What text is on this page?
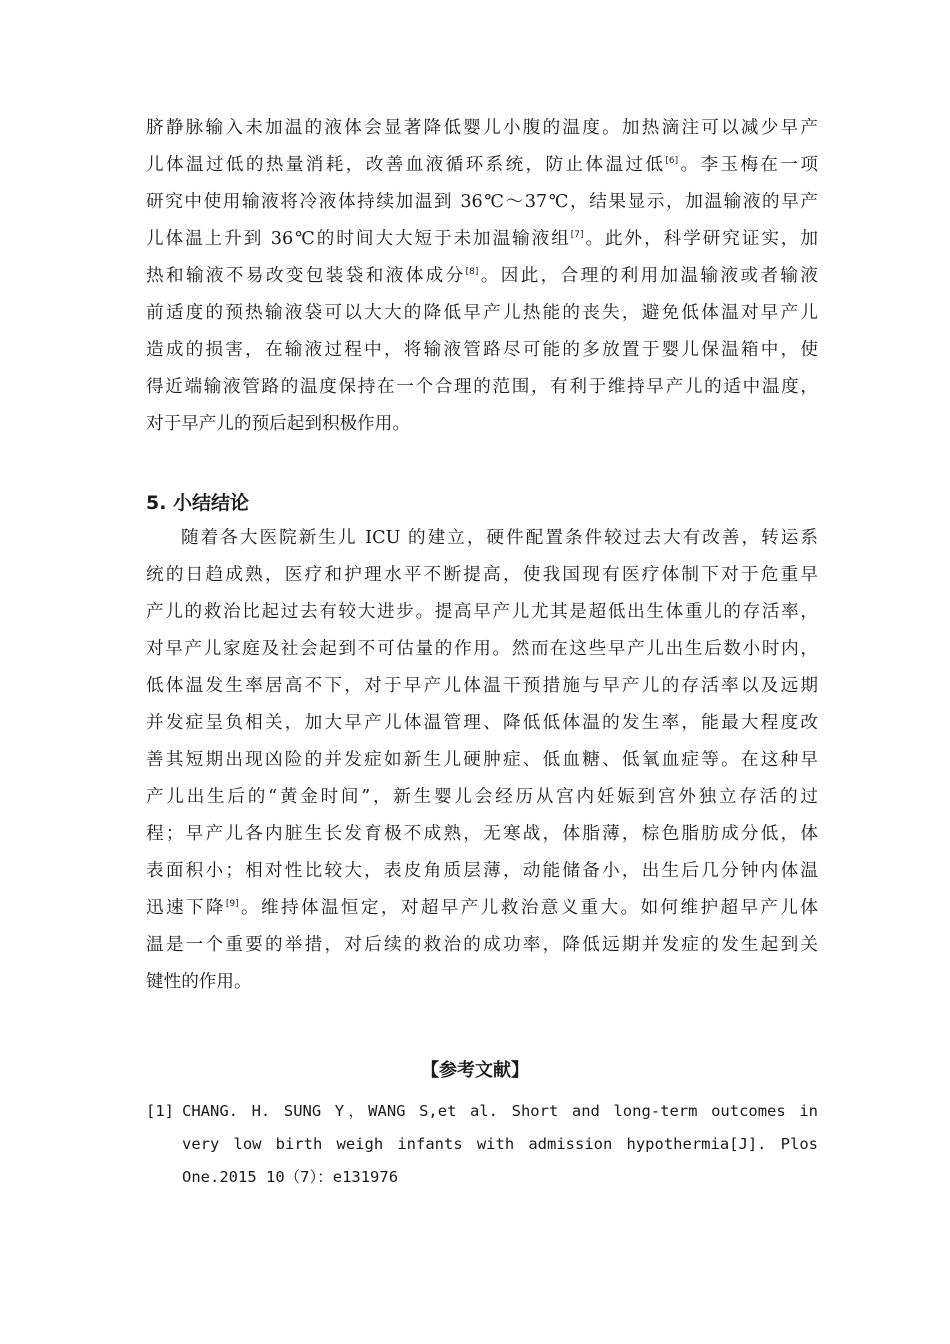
脐静脉输入未加温的液体会显著降低婴儿小腹的温度。加热滴注可以减少早产
儿体温过低的热量消耗，改善血液循环系统，防止体温过低[6]。李玉梅在一项
研究中使用输液将冷液体持续加温到 36℃～37℃，结果显示，加温输液的早产
儿体温上升到 36℃的时间大大短于未加温输液组[7]。此外，科学研究证实，加
热和输液不易改变包装袋和液体成分[8]。因此，合理的利用加温输液或者输液
前适度的预热输液袋可以大大的降低早产儿热能的丧失，避免低体温对早产儿
造成的损害，在输液过程中，将输液管路尽可能的多放置于婴儿保温箱中，使
得近端输液管路的温度保持在一个合理的范围，有利于维持早产儿的适中温度，
对于早产儿的预后起到积极作用。
5. 小结结论
随着各大医院新生儿 ICU 的建立，硬件配置条件较过去大有改善，转运系
统的日趋成熟，医疗和护理水平不断提高，使我国现有医疗体制下对于危重早
产儿的救治比起过去有较大进步。提高早产儿尤其是超低出生体重儿的存活率，
对早产儿家庭及社会起到不可估量的作用。然而在这些早产儿出生后数小时内，
低体温发生率居高不下，对于早产儿体温干预措施与早产儿的存活率以及远期
并发症呈负相关，加大早产儿体温管理、降低低体温的发生率，能最大程度改
善其短期出现凶险的并发症如新生儿硬肿症、低血糖、低氧血症等。在这种早
产儿出生后的“黄金时间”，新生婴儿会经历从宫内妊娠到宫外独立存活的过
程；早产儿各内脏生长发育极不成熟，无寒战，体脂薄，棕色脂肪成分低，体
表面积小；相对性比较大，表皮角质层薄，动能储备小，出生后几分钟内体温
迅速下降[9]。维持体温恒定，对超早产儿救治意义重大。如何维护超早产儿体
温是一个重要的举措，对后续的救治的成功率，降低远期并发症的发生起到关
键性的作用。
【参考文献】
[1] CHANG. H. SUNG Y，WANG S,et al. Short and long-term outcomes in
very low birth weigh infants with admission hypothermia[J]. Plos
One.2015 10（7）：e131976
